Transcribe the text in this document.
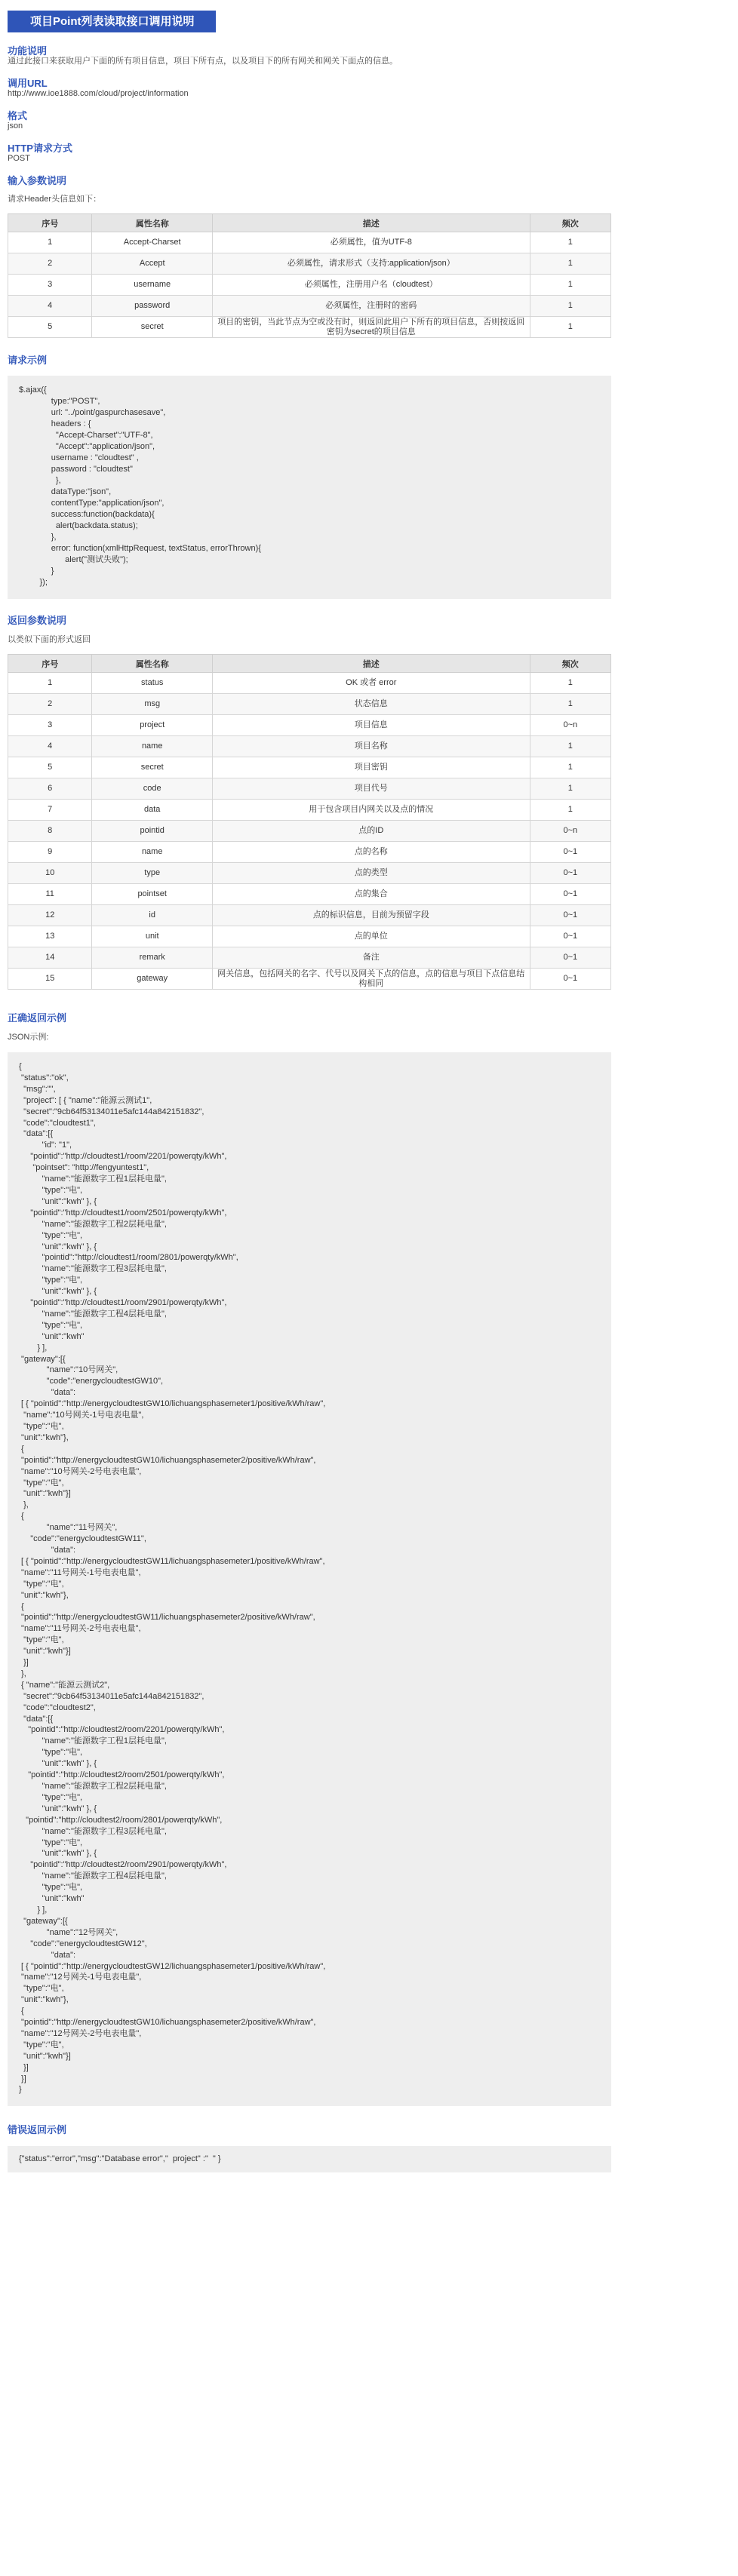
项目Point列表读取接口调用说明
功能说明

通过此接口来获取用户下面的所有项目信息，项目下所有点，以及项目下的所有网关和网关下面点的信息。

调用URL

http://www.ioe1888.com/cloud/project/information

格式

json

HTTP请求方式

POST

输入参数说明

请求Header头信息如下：

序号	属性名称	描述	频次
1	Accept-Charset	必须属性，值为UTF-8	1
2	Accept	必须属性，请求形式（支持:application/json）	1
3	username	必须属性，注册用户名（cloudtest）	1
4	password	必须属性，注册时的密码	1
5	secret	项目的密钥，当此节点为空或没有时，则返回此用户下所有的项目信息，否则按返回密钥为secret的项目信息	1
请求示例
$.ajax({
type:"POST",
url: "../point/gaspurchasesave",
headers : {
"Accept-Charset":"UTF-8",
"Accept":"application/json",
username : "cloudtest" ,
password : "cloudtest"
},
dataType:"json",
contentType:"application/json",
success:function(backdata){
alert(backdata.status);
},
error: function(xmlHttpRequest, textStatus, errorThrown){
alert("测试失败");
}
});
返回参数说明

以类似下面的形式返回

序号	属性名称	描述	频次
1	status	OK 或者 error	1
2	msg	状态信息	1
3	project	项目信息	0~n
4	name	项目名称	1
5	secret	项目密钥	1
6	code	项目代号	1
7	data	用于包含项目内网关以及点的情况	1
8	pointid	点的ID	0~n
9	name	点的名称	0~1
10	type	点的类型	0~1
11	pointset	点的集合	0~1
12	id	点的标识信息，目前为预留字段	0~1
13	unit	点的单位	0~1
14	remark	备注	0~1
15	gateway	网关信息，包括网关的名字、代号以及网关下点的信息，点的信息与项目下点信息结构相同	0~1
正确返回示例

JSON示例:

{
"status":"ok",
"msg":"",
"project": [ { "name":"能源云测试1",
"secret":"9cb64f53134011e5afc144a842151832",
"code":"cloudtest1",
"data":[{
"id": "1",
"pointid":"http://cloudtest1/room/2201/powerqty/kWh",
"pointset": "http://fengyuntest1",
"name":"能源数字工程1层耗电量",
"type":"电",
"unit":"kwh" }, {
"pointid":"http://cloudtest1/room/2501/powerqty/kWh",
"name":"能源数字工程2层耗电量",
"type":"电",
"unit":"kwh" }, {
"pointid":"http://cloudtest1/room/2801/powerqty/kWh",
"name":"能源数字工程3层耗电量",
"type":"电",
"unit":"kwh" }, {
"pointid":"http://cloudtest1/room/2901/powerqty/kWh",
"name":"能源数字工程4层耗电量",
"type":"电",
"unit":"kwh"
} ],
"gateway":[{
"name":"10号网关",
"code":"energycloudtestGW10",
"data":
[ { "pointid":"http://energycloudtestGW10/lichuangsphasemeter1/positive/kWh/raw",
"name":"10号网关-1号电表电量",
"type":"电",
"unit":"kwh"},
{
"pointid":"http://energycloudtestGW10/lichuangsphasemeter2/positive/kWh/raw",
"name":"10号网关-2号电表电量",
"type":"电",
"unit":"kwh"}]
},
{
"name":"11号网关",
"code":"energycloudtestGW11",
"data":
[ { "pointid":"http://energycloudtestGW11/lichuangsphasemeter1/positive/kWh/raw",
"name":"11号网关-1号电表电量",
"type":"电",
"unit":"kwh"},
{
"pointid":"http://energycloudtestGW11/lichuangsphasemeter2/positive/kWh/raw",
"name":"11号网关-2号电表电量",
"type":"电",
"unit":"kwh"}]
}]
},
{ "name":"能源云测试2",
"secret":"9cb64f53134011e5afc144a842151832",
"code":"cloudtest2",
"data":[{
"pointid":"http://cloudtest2/room/2201/powerqty/kWh",
"name":"能源数字工程1层耗电量",
"type":"电",
"unit":"kwh" }, {
"pointid":"http://cloudtest2/room/2501/powerqty/kWh",
"name":"能源数字工程2层耗电量",
"type":"电",
"unit":"kwh" }, {
"pointid":"http://cloudtest2/room/2801/powerqty/kWh",
"name":"能源数字工程3层耗电量",
"type":"电",
"unit":"kwh" }, {
"pointid":"http://cloudtest2/room/2901/powerqty/kWh",
"name":"能源数字工程4层耗电量",
"type":"电",
"unit":"kwh"
} ],
"gateway":[{
"name":"12号网关",
"code":"energycloudtestGW12",
"data":
[ { "pointid":"http://energycloudtestGW12/lichuangsphasemeter1/positive/kWh/raw",
"name":"12号网关-1号电表电量",
"type":"电",
"unit":"kwh"},
{
"pointid":"http://energycloudtestGW10/lichuangsphasemeter2/positive/kWh/raw",
"name":"12号网关-2号电表电量",
"type":"电",
"unit":"kwh"}]
}]
}]
}
错误返回示例
{"status":"error","msg":"Database error","  project" :"  " }
